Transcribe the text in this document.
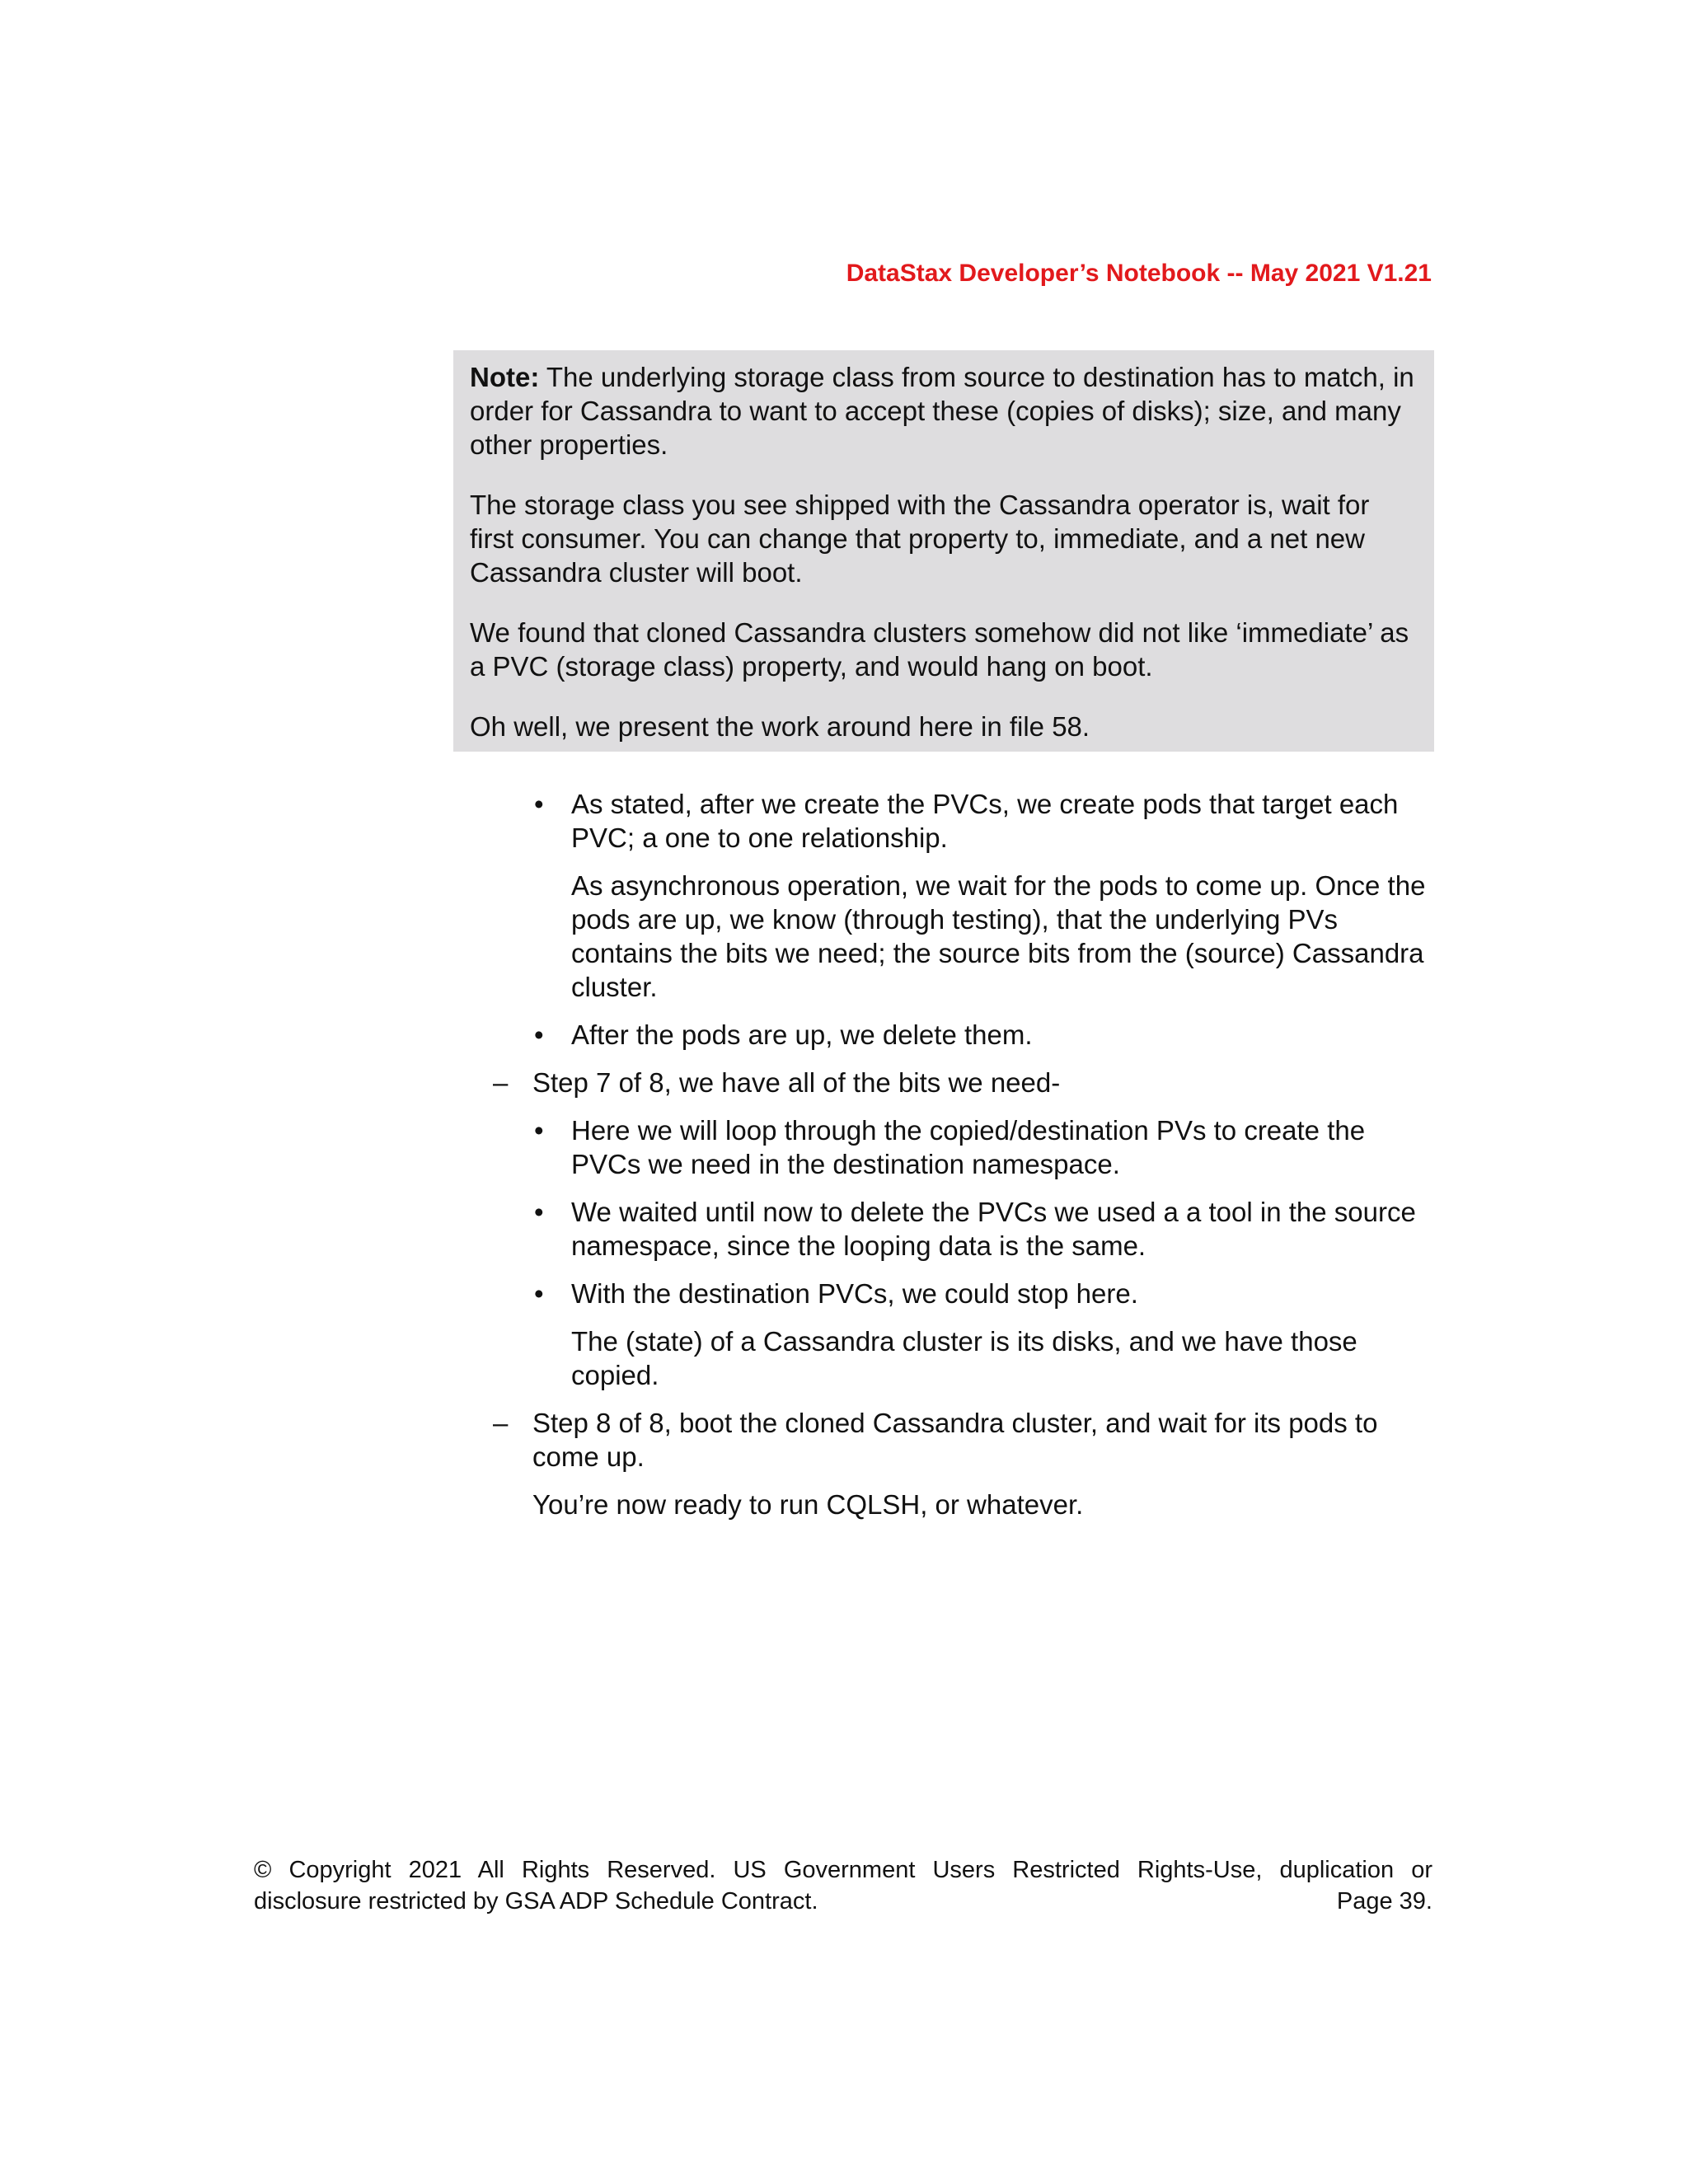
DataStax Developer’s Notebook -- May 2021 V1.21

Note: The underlying storage class from source to destination has to match, in order for Cassandra to want to accept these (copies of disks); size, and many other properties.

The storage class you see shipped with the Cassandra operator is, wait for first consumer. You can change that property to, immediate, and a net new Cassandra cluster will boot.

We found that cloned Cassandra clusters somehow did not like ‘immediate’ as a PVC (storage class) property, and would hang on boot.

Oh well, we present the work around here in file 58.

• As stated, after we create the PVCs, we create pods that target each PVC; a one to one relationship.

As asynchronous operation, we wait for the pods to come up. Once the pods are up, we know (through testing), that the underlying PVs contains the bits we need; the source bits from the (source) Cassandra cluster.

• After the pods are up, we delete them.

– Step 7 of 8, we have all of the bits we need-

• Here we will loop through the copied/destination PVs to create the PVCs we need in the destination namespace.

• We waited until now to delete the PVCs we used a a tool in the source namespace, since the looping data is the same.

• With the destination PVCs, we could stop here.

The (state) of a Cassandra cluster is its disks, and we have those copied.

– Step 8 of 8, boot the cloned Cassandra cluster, and wait for its pods to come up.

You’re now ready to run CQLSH, or whatever.

© Copyright 2021 All Rights Reserved. US Government Users Restricted Rights-Use, duplication or
disclosure restricted by GSA ADP Schedule Contract.	Page 39.
